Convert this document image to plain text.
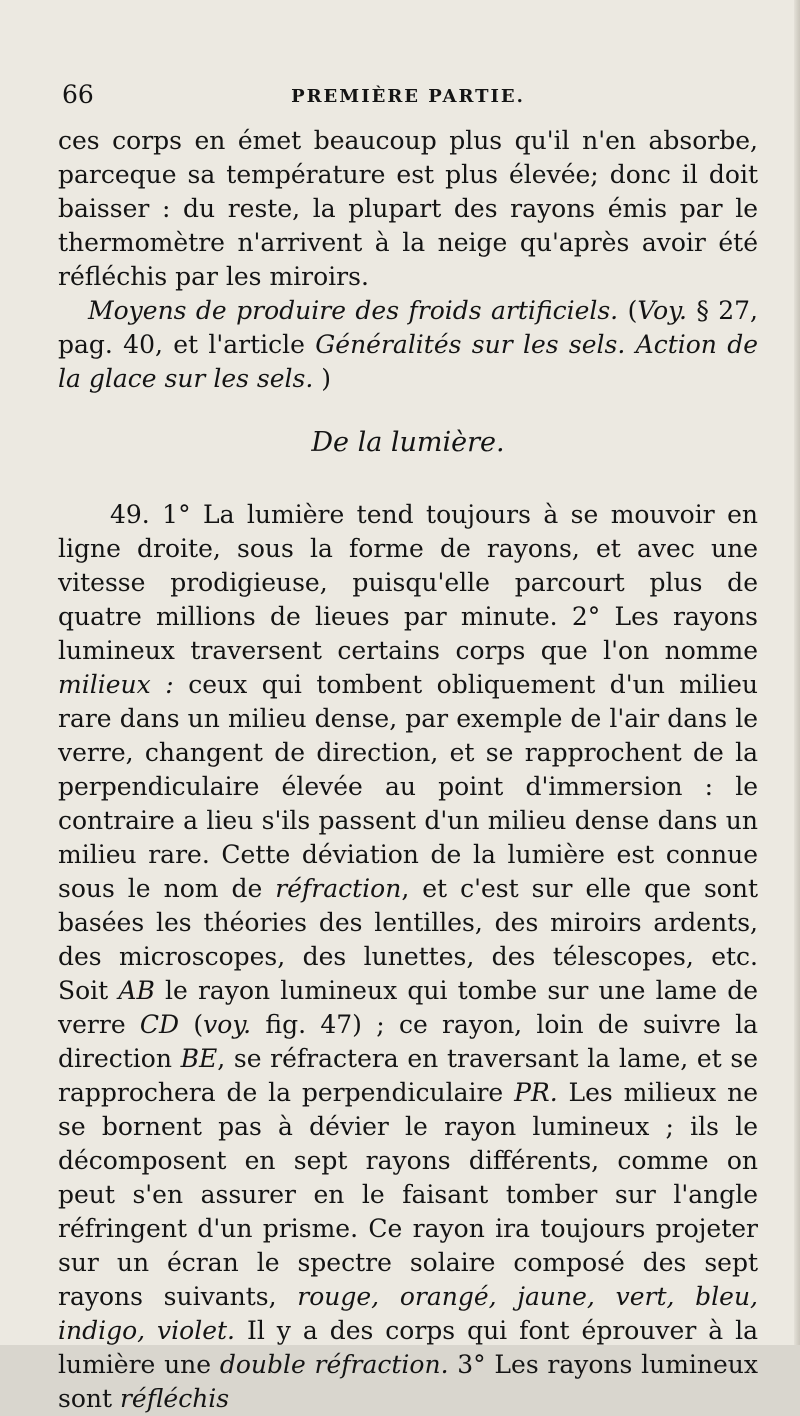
66	PREMIÈRE PARTIE.

ces corps en émet beaucoup plus qu'il n'en absorbe, parceque sa température est plus élevée; donc il doit baisser : du reste, la plupart des rayons émis par le thermomètre n'arrivent à la neige qu'après avoir été réfléchis par les miroirs.

Moyens de produire des froids artificiels. (Voy. § 27, pag. 40, et l'article Généralités sur les sels. Action de la glace sur les sels. )

De la lumière.

49. 1° La lumière tend toujours à se mouvoir en ligne droite, sous la forme de rayons, et avec une vitesse prodigieuse, puisqu'elle parcourt plus de quatre millions de lieues par minute. 2° Les rayons lumineux traversent certains corps que l'on nomme milieux : ceux qui tombent obliquement d'un milieu rare dans un milieu dense, par exemple de l'air dans le verre, changent de direction, et se rapprochent de la perpendiculaire élevée au point d'immersion : le contraire a lieu s'ils passent d'un milieu dense dans un milieu rare. Cette déviation de la lumière est connue sous le nom de réfraction, et c'est sur elle que sont basées les théories des lentilles, des miroirs ardents, des microscopes, des lunettes, des télescopes, etc. Soit AB le rayon lumineux qui tombe sur une lame de verre CD (voy. fig. 47) ; ce rayon, loin de suivre la direction BE, se réfractera en traversant la lame, et se rapprochera de la perpendiculaire PR. Les milieux ne se bornent pas à dévier le rayon lumineux ; ils le décomposent en sept rayons différents, comme on peut s'en assurer en le faisant tomber sur l'angle réfringent d'un prisme. Ce rayon ira toujours projeter sur un écran le spectre solaire composé des sept rayons suivants, rouge, orangé, jaune, vert, bleu, indigo, violet. Il y a des corps qui font éprouver à la lumière une double réfraction. 3° Les rayons lumineux sont réfléchis
